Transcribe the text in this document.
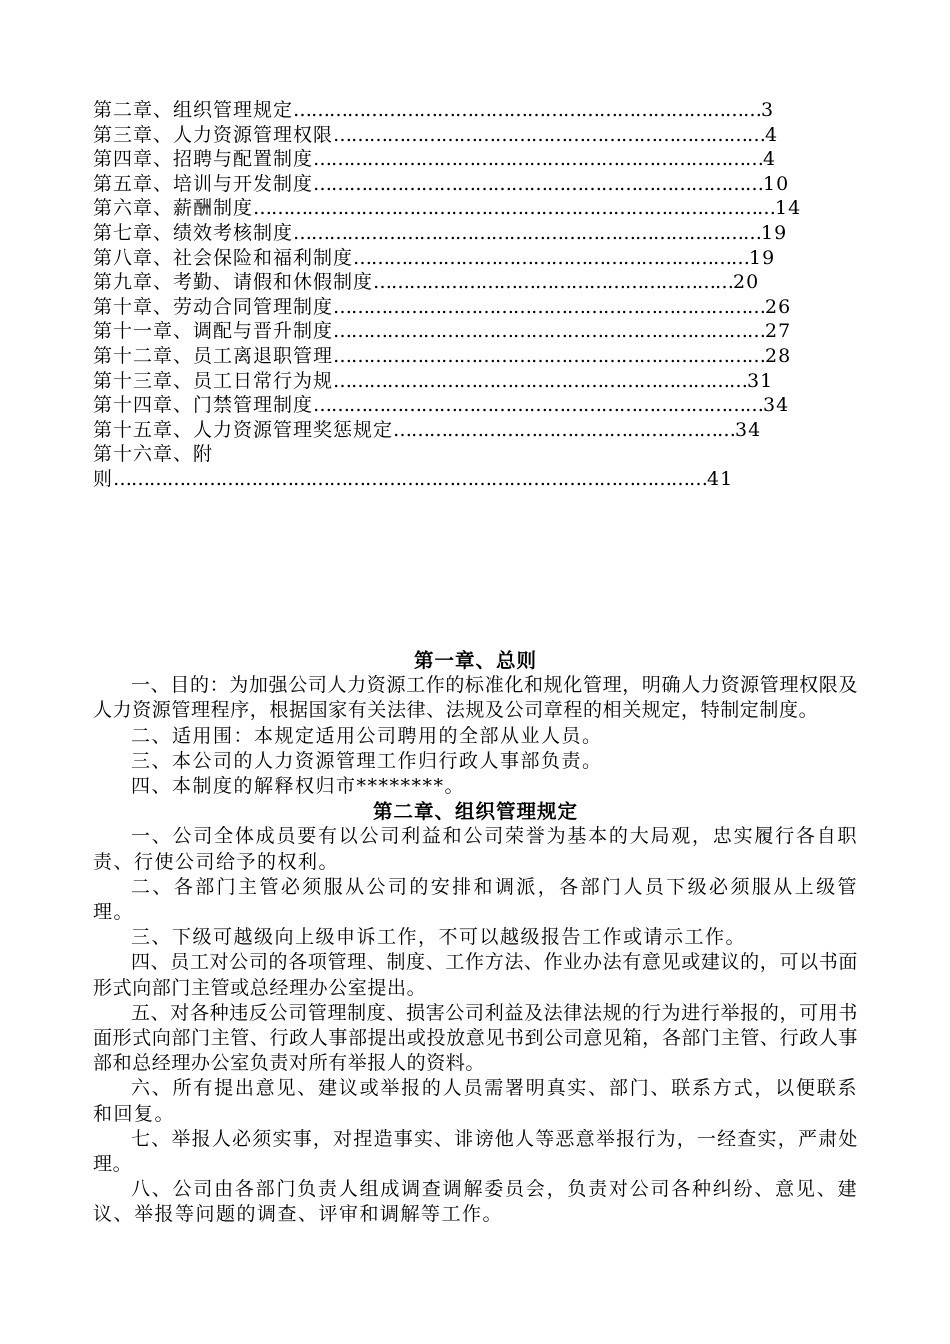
第二章、组织管理规定……………………………………………………………………3
第三章、人力资源管理权限………………………………………………………………4
第四章、招聘与配置制度…………………………………………………………………4
第五章、培训与开发制度…………………………………………………………………10
第六章、薪酬制度……………………………………………………………………………14
第七章、绩效考核制度……………………………………………………………………19
第八章、社会保险和福利制度…………………………………………………………19
第九章、考勤、请假和休假制度……………………………………………………20
第十章、劳动合同管理制度………………………………………………………………26
第十一章、调配与晋升制度………………………………………………………………27
第十二章、员工离退职管理………………………………………………………………28
第十三章、员工日常行为规……………………………………………………………31
第十四章、门禁管理制度…………………………………………………………………34
第十五章、人力资源管理奖惩规定…………………………………………………34
第十六章、附
则………………………………………………………………………………………41
第一章、总则

一、目的：为加强公司人力资源工作的标准化和规化管理，明确人力资源管理权限及人力资源管理程序，根据国家有关法律、法规及公司章程的相关规定，特制定制度。

二、适用围：本规定适用公司聘用的全部从业人员。

三、本公司的人力资源管理工作归行政人事部负责。

四、本制度的解释权归市********。

第二章、组织管理规定

一、公司全体成员要有以公司利益和公司荣誉为基本的大局观，忠实履行各自职责、行使公司给予的权利。

二、各部门主管必须服从公司的安排和调派，各部门人员下级必须服从上级管理。

三、下级可越级向上级申诉工作，不可以越级报告工作或请示工作。

四、员工对公司的各项管理、制度、工作方法、作业办法有意见或建议的，可以书面形式向部门主管或总经理办公室提出。

五、对各种违反公司管理制度、损害公司利益及法律法规的行为进行举报的，可用书面形式向部门主管、行政人事部提出或投放意见书到公司意见箱，各部门主管、行政人事部和总经理办公室负责对所有举报人的资料。

六、所有提出意见、建议或举报的人员需署明真实、部门、联系方式，以便联系和回复。

七、举报人必须实事，对捏造事实、诽谤他人等恶意举报行为，一经查实，严肃处理。

八、公司由各部门负责人组成调查调解委员会，负责对公司各种纠纷、意见、建议、举报等问题的调查、评审和调解等工作。
